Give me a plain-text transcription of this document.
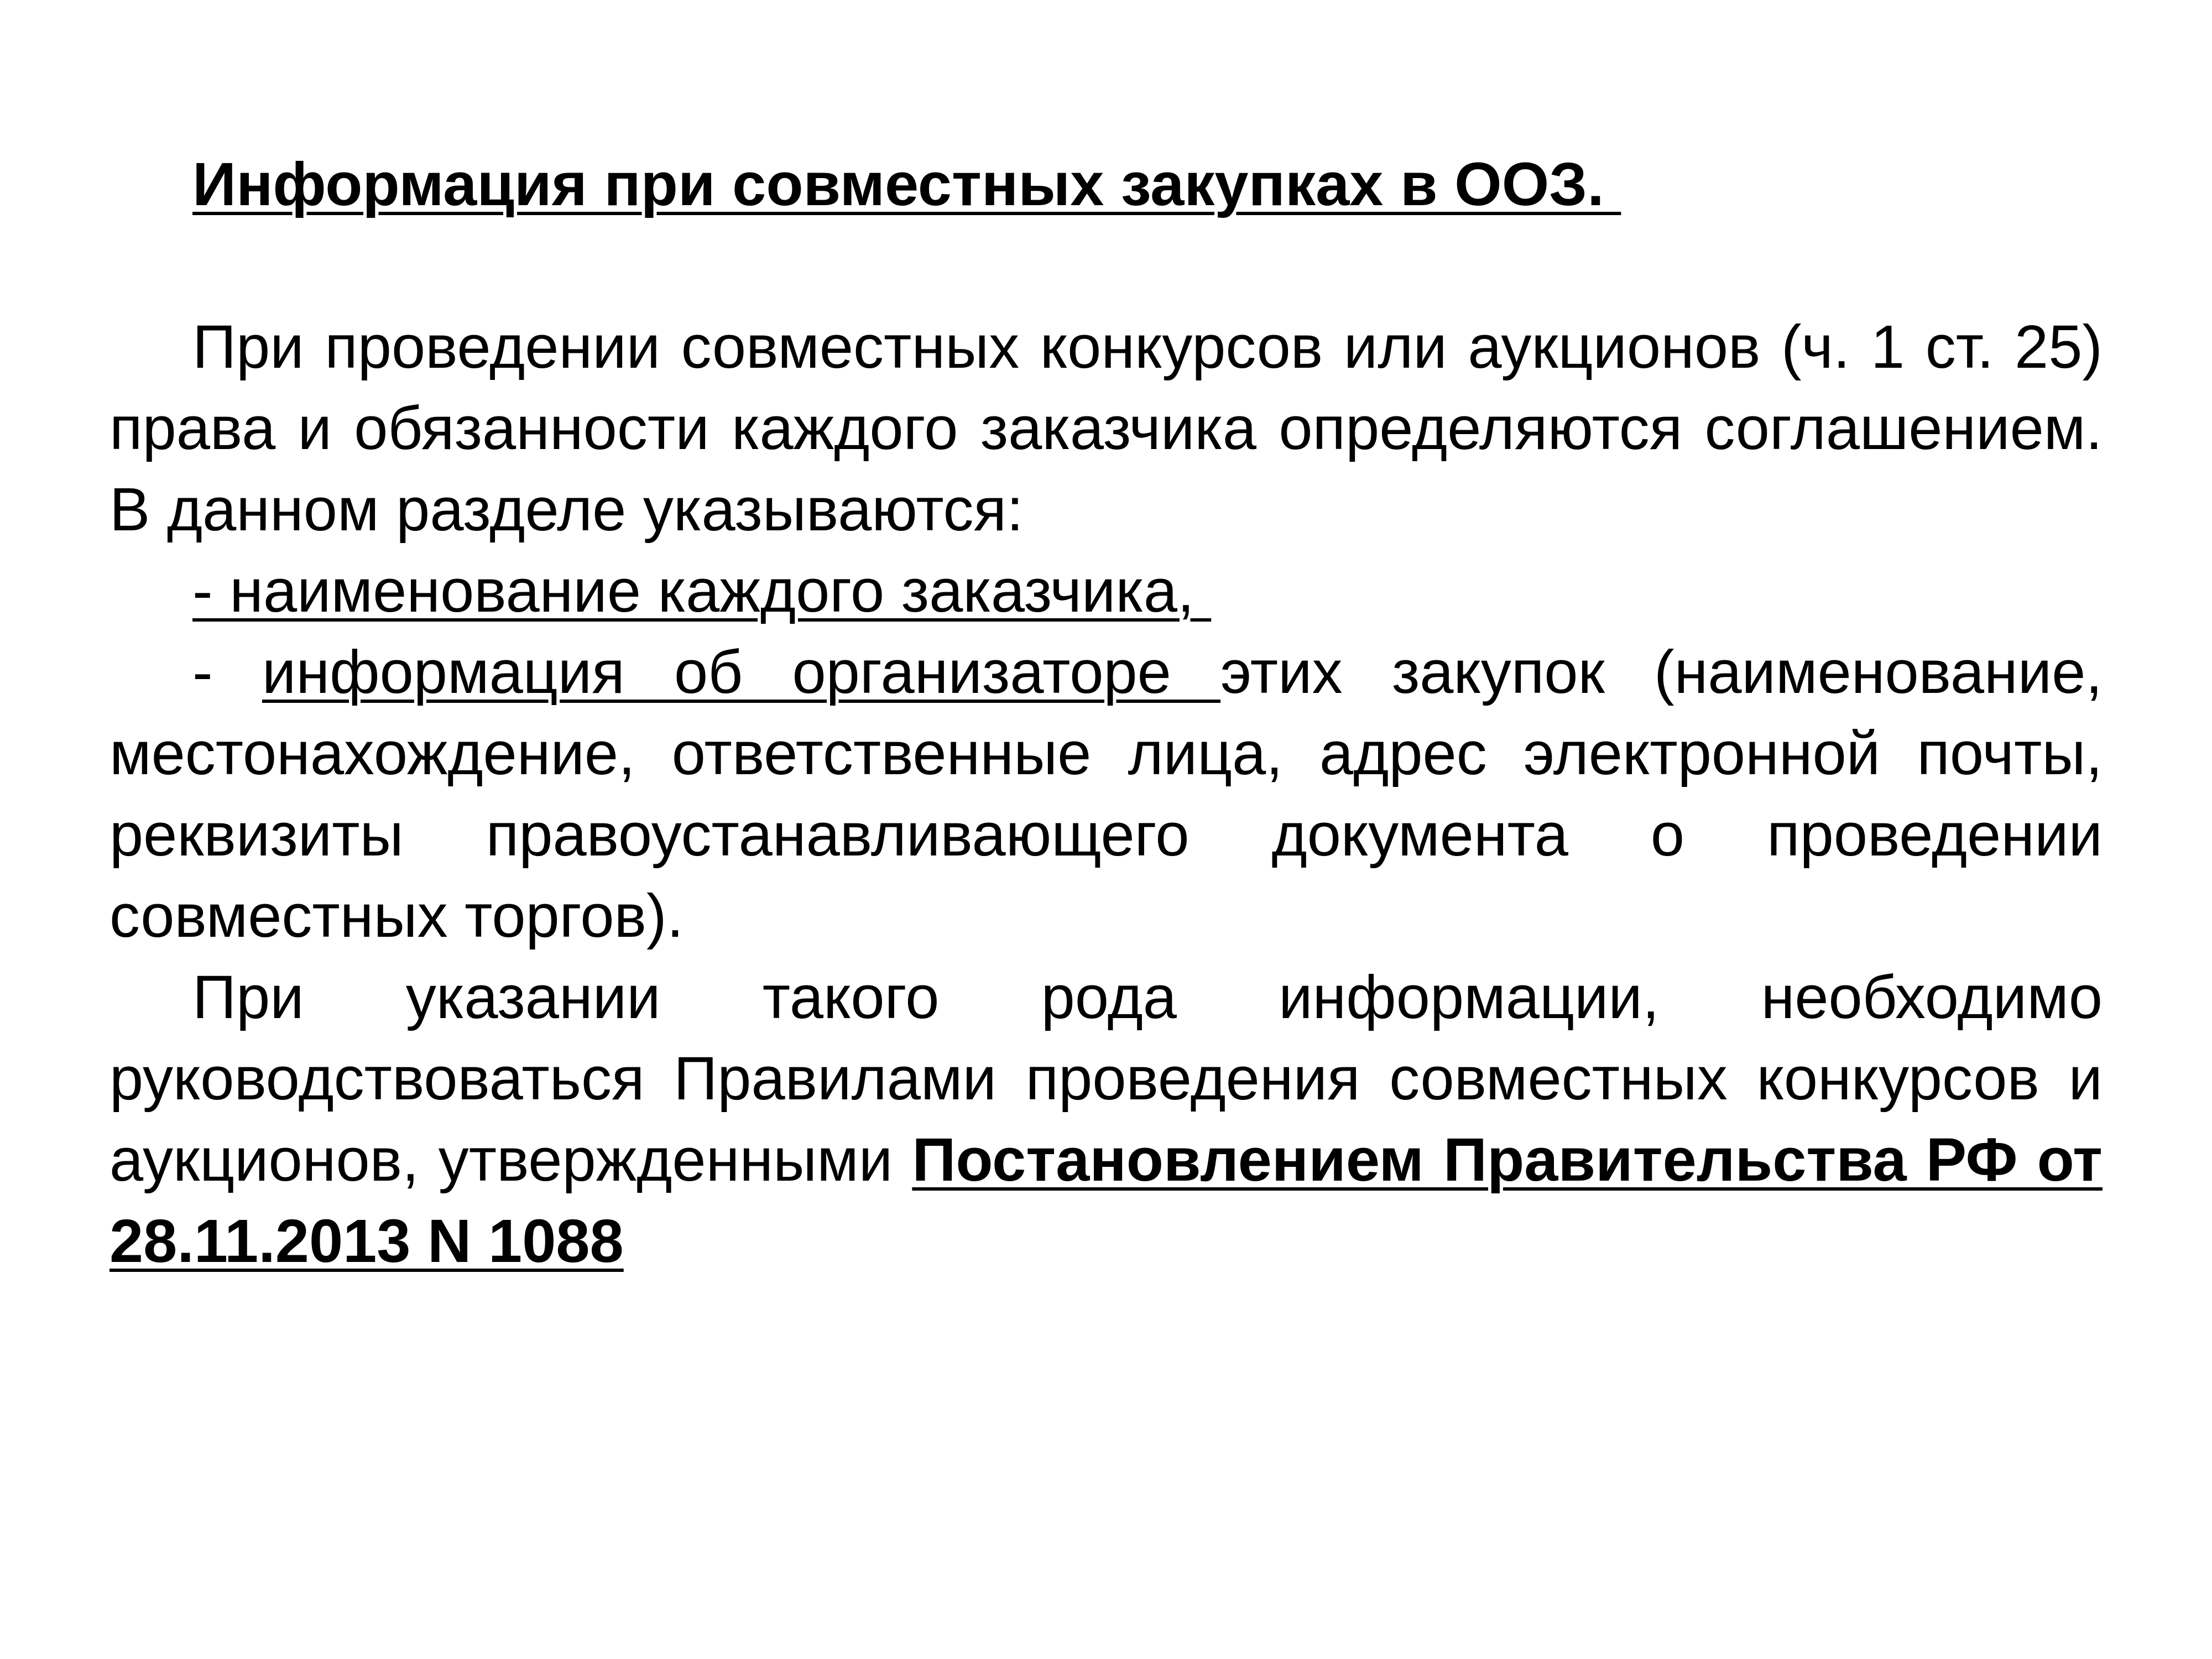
Информация при совместных закупках в ООЗ.

При проведении совместных конкурсов или аукционов (ч. 1 ст. 25) права и обязанности каждого заказчика определяются соглашением. В данном разделе указываются:

- наименование каждого заказчика,

- информация об организаторе этих закупок (наименование, местонахождение, ответственные лица, адрес электронной почты, реквизиты правоустанавливающего документа о проведении совместных торгов).

При указании такого рода информации, необходимо руководствоваться Правилами проведения совместных конкурсов и аукционов, утвержденными Постановлением Правительства РФ от 28.11.2013 N 1088
